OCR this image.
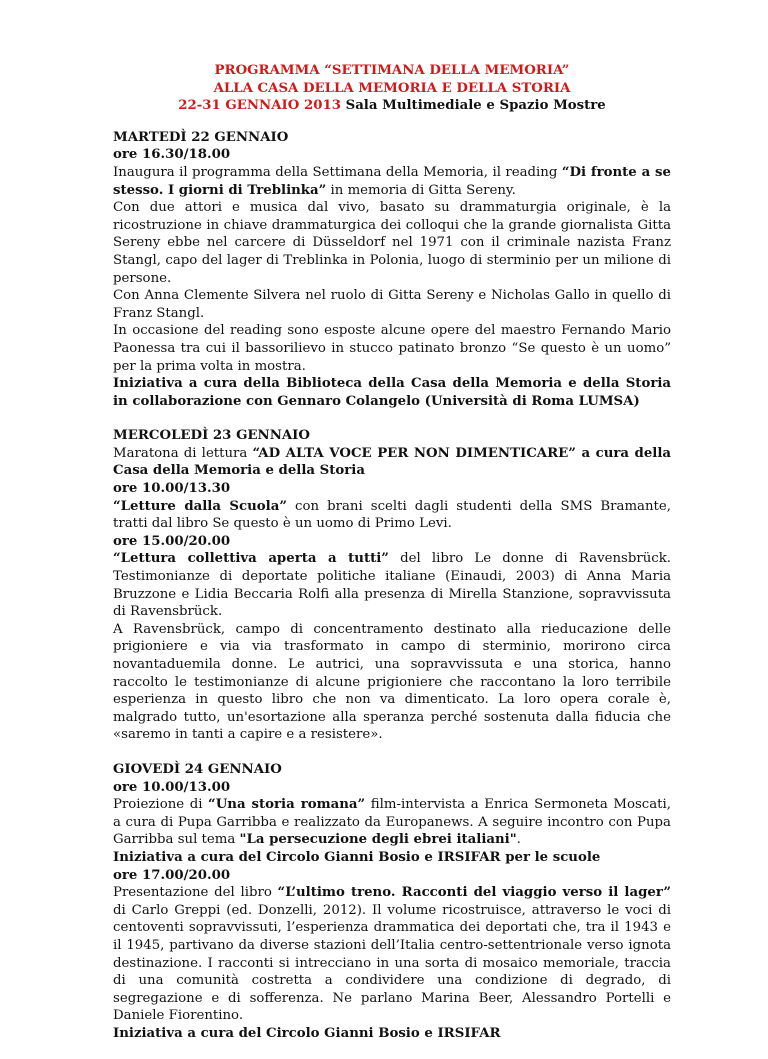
PROGRAMMA “SETTIMANA DELLA MEMORIA”
ALLA CASA DELLA MEMORIA E DELLA STORIA
22-31 GENNAIO 2013 Sala Multimediale e Spazio Mostre

MARTEDÌ 22 GENNAIO

ore 16.30/18.00

Inaugura il programma della Settimana della Memoria, il reading “Di fronte a se stesso. I giorni di Treblinka” in memoria di Gitta Sereny.

Con due attori e musica dal vivo, basato su drammaturgia originale, è la ricostruzione in chiave drammaturgica dei colloqui che la grande giornalista Gitta Sereny ebbe nel carcere di Düsseldorf nel 1971 con il criminale nazista Franz Stangl, capo del lager di Treblinka in Polonia, luogo di sterminio per un milione di persone.

Con Anna Clemente Silvera nel ruolo di Gitta Sereny e Nicholas Gallo in quello di Franz Stangl.

In occasione del reading sono esposte alcune opere del maestro Fernando Mario Paonessa tra cui il bassorilievo in stucco patinato bronzo “Se questo è un uomo” per la prima volta in mostra.

Iniziativa a cura della Biblioteca della Casa della Memoria e della Storia in collaborazione con Gennaro Colangelo (Università di Roma LUMSA)

MERCOLEDÌ 23 GENNAIO

Maratona di lettura “AD ALTA VOCE PER NON DIMENTICARE” a cura della Casa della Memoria e della Storia

ore 10.00/13.30

“Letture dalla Scuola” con brani scelti dagli studenti della SMS Bramante, tratti dal libro Se questo è un uomo di Primo Levi.

ore 15.00/20.00

“Lettura collettiva aperta a tutti” del libro Le donne di Ravensbrück. Testimonianze di deportate politiche italiane (Einaudi, 2003) di Anna Maria Bruzzone e Lidia Beccaria Rolfi alla presenza di Mirella Stanzione, sopravvissuta di Ravensbrück.

A Ravensbrück, campo di concentramento destinato alla rieducazione delle prigioniere e via via trasformato in campo di sterminio, morirono circa novantaduemila donne. Le autrici, una sopravvissuta e una storica, hanno raccolto le testimonianze di alcune prigioniere che raccontano la loro terribile esperienza in questo libro che non va dimenticato. La loro opera corale è, malgrado tutto, un'esortazione alla speranza perché sostenuta dalla fiducia che «saremo in tanti a capire e a resistere».

GIOVEDÌ 24 GENNAIO

ore 10.00/13.00

Proiezione di “Una storia romana” film-intervista a Enrica Sermoneta Moscati, a cura di Pupa Garribba e realizzato da Europanews. A seguire incontro con Pupa Garribba sul tema "La persecuzione degli ebrei italiani".

Iniziativa a cura del Circolo Gianni Bosio e IRSIFAR per le scuole

ore 17.00/20.00

Presentazione del libro “L’ultimo treno. Racconti del viaggio verso il lager” di Carlo Greppi (ed. Donzelli, 2012). Il volume ricostruisce, attraverso le voci di centoventi sopravvissuti, l’esperienza drammatica dei deportati che, tra il 1943 e il 1945, partivano da diverse stazioni dell’Italia centro-settentrionale verso ignota destinazione. I racconti si intrecciano in una sorta di mosaico memoriale, traccia di una comunità costretta a condividere una condizione di degrado, di segregazione e di sofferenza. Ne parlano Marina Beer, Alessandro Portelli e Daniele Fiorentino.

Iniziativa a cura del Circolo Gianni Bosio e IRSIFAR
